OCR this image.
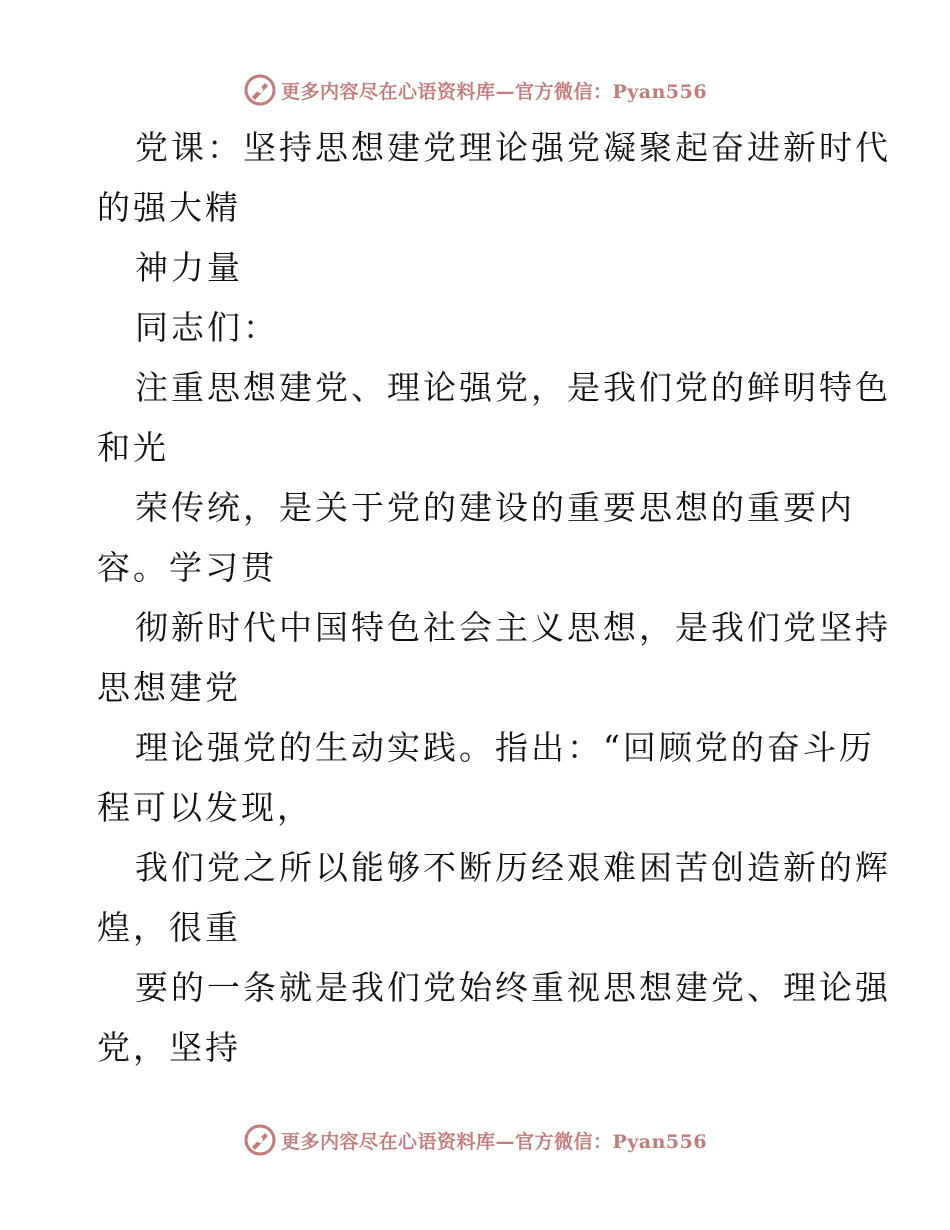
更多内容尽在心语资料库—官方微信：Pyan556
党课：坚持思想建党理论强党凝聚起奋进新时代
的强大精
神力量
同志们：
注重思想建党、理论强党，是我们党的鲜明特色
和光
荣传统，是关于党的建设的重要思想的重要内
容。学习贯
彻新时代中国特色社会主义思想，是我们党坚持
思想建党
理论强党的生动实践。指出：“回顾党的奋斗历
程可以发现，
我们党之所以能够不断历经艰难困苦创造新的辉
煌，很重
要的一条就是我们党始终重视思想建党、理论强
党，坚持
更多内容尽在心语资料库—官方微信：Pyan556
